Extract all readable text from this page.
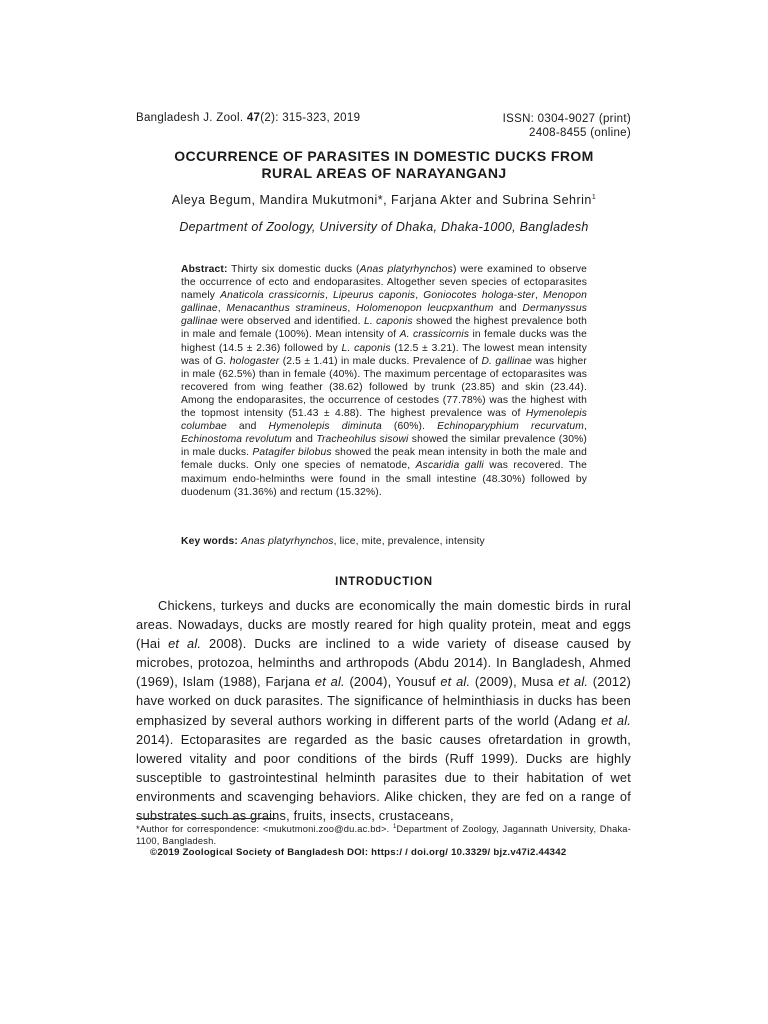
Bangladesh J. Zool. 47(2): 315-323, 2019	ISSN: 0304-9027 (print)
2408-8455 (online)
OCCURRENCE OF PARASITES IN DOMESTIC DUCKS FROM
RURAL AREAS OF NARAYANGANJ
Aleya Begum, Mandira Mukutmoni*, Farjana Akter and Subrina Sehrin$^1$
Department of Zoology, University of Dhaka, Dhaka-1000, Bangladesh
Abstract: Thirty six domestic ducks (Anas platyrhynchos) were examined to observe the occurrence of ecto and endoparasites. Altogether seven species of ectoparasites namely Anaticola crassicornis, Lipeurus caponis, Goniocotes hologa-ster, Menopon gallinae, Menacanthus stramineus, Holomenopon leucpxanthum and Dermanyssus gallinae were observed and identified. L. caponis showed the highest prevalence both in male and female (100%). Mean intensity of A. crassicornis in female ducks was the highest (14.5 ± 2.36) followed by L. caponis (12.5 ± 3.21). The lowest mean intensity was of G. hologaster (2.5 ± 1.41) in male ducks. Prevalence of D. gallinae was higher in male (62.5%) than in female (40%). The maximum percentage of ectoparasites was recovered from wing feather (38.62) followed by trunk (23.85) and skin (23.44). Among the endoparasites, the occurrence of cestodes (77.78%) was the highest with the topmost intensity (51.43 ± 4.88). The highest prevalence was of Hymenolepis columbae and Hymenolepis diminuta (60%). Echinoparyphium recurvatum, Echinostoma revolutum and Tracheohilus sisowi showed the similar prevalence (30%) in male ducks. Patagifer bilobus showed the peak mean intensity in both the male and female ducks. Only one species of nematode, Ascaridia galli was recovered. The maximum endo-helminths were found in the small intestine (48.30%) followed by duodenum (31.36%) and rectum (15.32%).
Key words: Anas platyrhynchos, lice, mite, prevalence, intensity
INTRODUCTION

Chickens, turkeys and ducks are economically the main domestic birds in rural areas. Nowadays, ducks are mostly reared for high quality protein, meat and eggs (Hai et al. 2008). Ducks are inclined to a wide variety of disease caused by microbes, protozoa, helminths and arthropods (Abdu 2014). In Bangladesh, Ahmed (1969), Islam (1988), Farjana et al. (2004), Yousuf et al. (2009), Musa et al. (2012) have worked on duck parasites. The significance of helminthiasis in ducks has been emphasized by several authors working in different parts of the world (Adang et al. 2014). Ectoparasites are regarded as the basic causes ofretardation in growth, lowered vitality and poor conditions of the birds (Ruff 1999). Ducks are highly susceptible to gastrointestinal helminth parasites due to their habitation of wet environments and scavenging behaviors. Alike chicken, they are fed on a range of substrates such as grains, fruits, insects, crustaceans,

*Author for correspondence: <mukutmoni.zoo@du.ac.bd>. $^1$Department of Zoology, Jagannath University, Dhaka-1100, Bangladesh.
©2019 Zoological Society of Bangladesh DOI: https:/ / doi.org/ 10.3329/ bjz.v47i2.44342
